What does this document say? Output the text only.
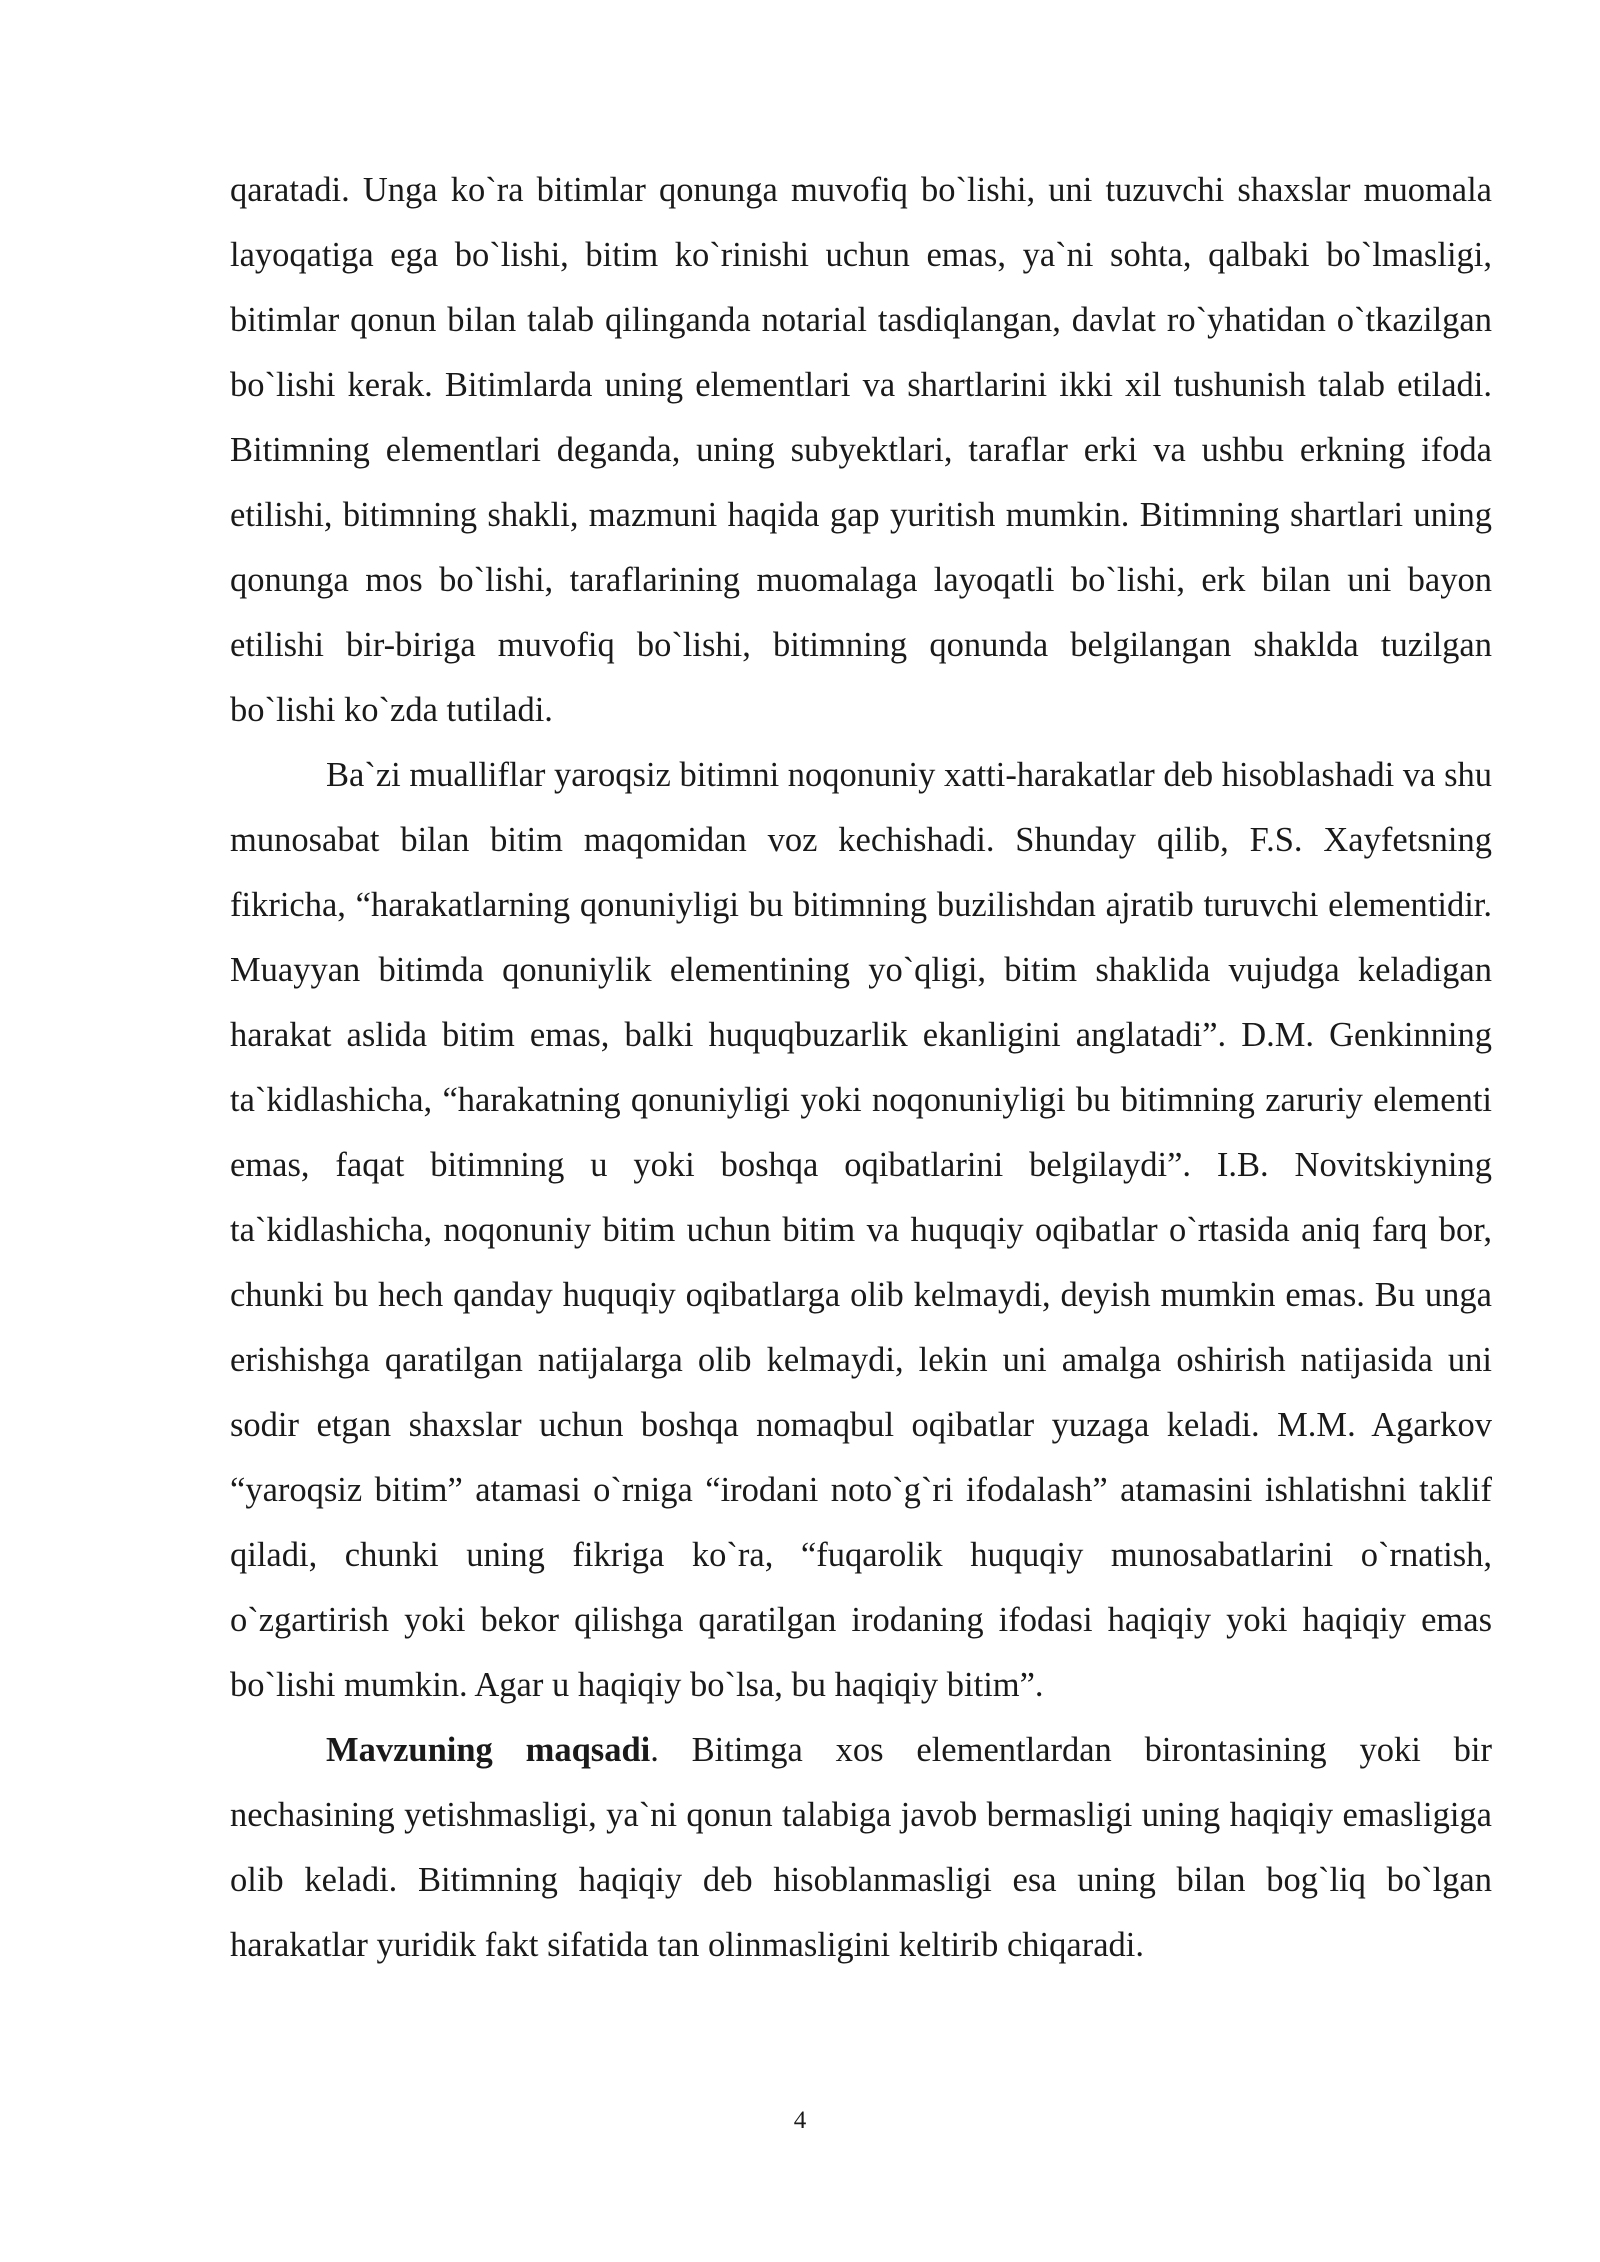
qaratadi. Unga ko`ra bitimlar qonunga muvofiq bo`lishi, uni tuzuvchi shaxslar muomala layoqatiga ega bo`lishi, bitim ko`rinishi uchun emas, ya`ni sohta, qalbaki bo`lmasligi, bitimlar qonun bilan talab qilinganda notarial tasdiqlangan, davlat ro`yhatidan o`tkazilgan bo`lishi kerak. Bitimlarda uning elementlari va shartlarini ikki xil tushunish talab etiladi. Bitimning elementlari deganda, uning subyektlari, taraflar erki va ushbu erkning ifoda etilishi, bitimning shakli, mazmuni haqida gap yuritish mumkin. Bitimning shartlari uning qonunga mos bo`lishi, taraflarining muomalaga layoqatli bo`lishi, erk bilan uni bayon etilishi bir-biriga muvofiq bo`lishi, bitimning qonunda belgilangan shaklda tuzilgan bo`lishi ko`zda tutiladi.

Ba`zi mualliflar yaroqsiz bitimni noqonuniy xatti-harakatlar deb hisoblashadi va shu munosabat bilan bitim maqomidan voz kechishadi. Shunday qilib, F.S. Xayfetsning fikricha, “harakatlarning qonuniyligi bu bitimning buzilishdan ajratib turuvchi elementidir. Muayyan bitimda qonuniylik elementining yo`qligi, bitim shaklida vujudga keladigan harakat aslida bitim emas, balki huquqbuzarlik ekanligini anglatadi”. D.M. Genkinning ta`kidlashicha, “harakatning qonuniyligi yoki noqonuniyligi bu bitimning zaruriy elementi emas, faqat bitimning u yoki boshqa oqibatlarini belgilaydi”. I.B. Novitskiyning ta`kidlashicha, noqonuniy bitim uchun bitim va huquqiy oqibatlar o`rtasida aniq farq bor, chunki bu hech qanday huquqiy oqibatlarga olib kelmaydi, deyish mumkin emas. Bu unga erishishga qaratilgan natijalarga olib kelmaydi, lekin uni amalga oshirish natijasida uni sodir etgan shaxslar uchun boshqa nomaqbul oqibatlar yuzaga keladi. M.M. Agarkov “yaroqsiz bitim” atamasi o`rniga “irodani noto`g`ri ifodalash” atamasini ishlatishni taklif qiladi, chunki uning fikriga ko`ra, “fuqarolik huquqiy munosabatlarini o`rnatish, o`zgartirish yoki bekor qilishga qaratilgan irodaning ifodasi haqiqiy yoki haqiqiy emas bo`lishi mumkin. Agar u haqiqiy bo`lsa, bu haqiqiy bitim”.

Mavzuning maqsadi. Bitimga xos elementlardan birontasining yoki bir nechasining yetishmasligi, ya`ni qonun talabiga javob bermasligi uning haqiqiy emasligiga olib keladi. Bitimning haqiqiy deb hisoblanmasligi esa uning bilan bog`liq bo`lgan harakatlar yuridik fakt sifatida tan olinmasligini keltirib chiqaradi.

4
